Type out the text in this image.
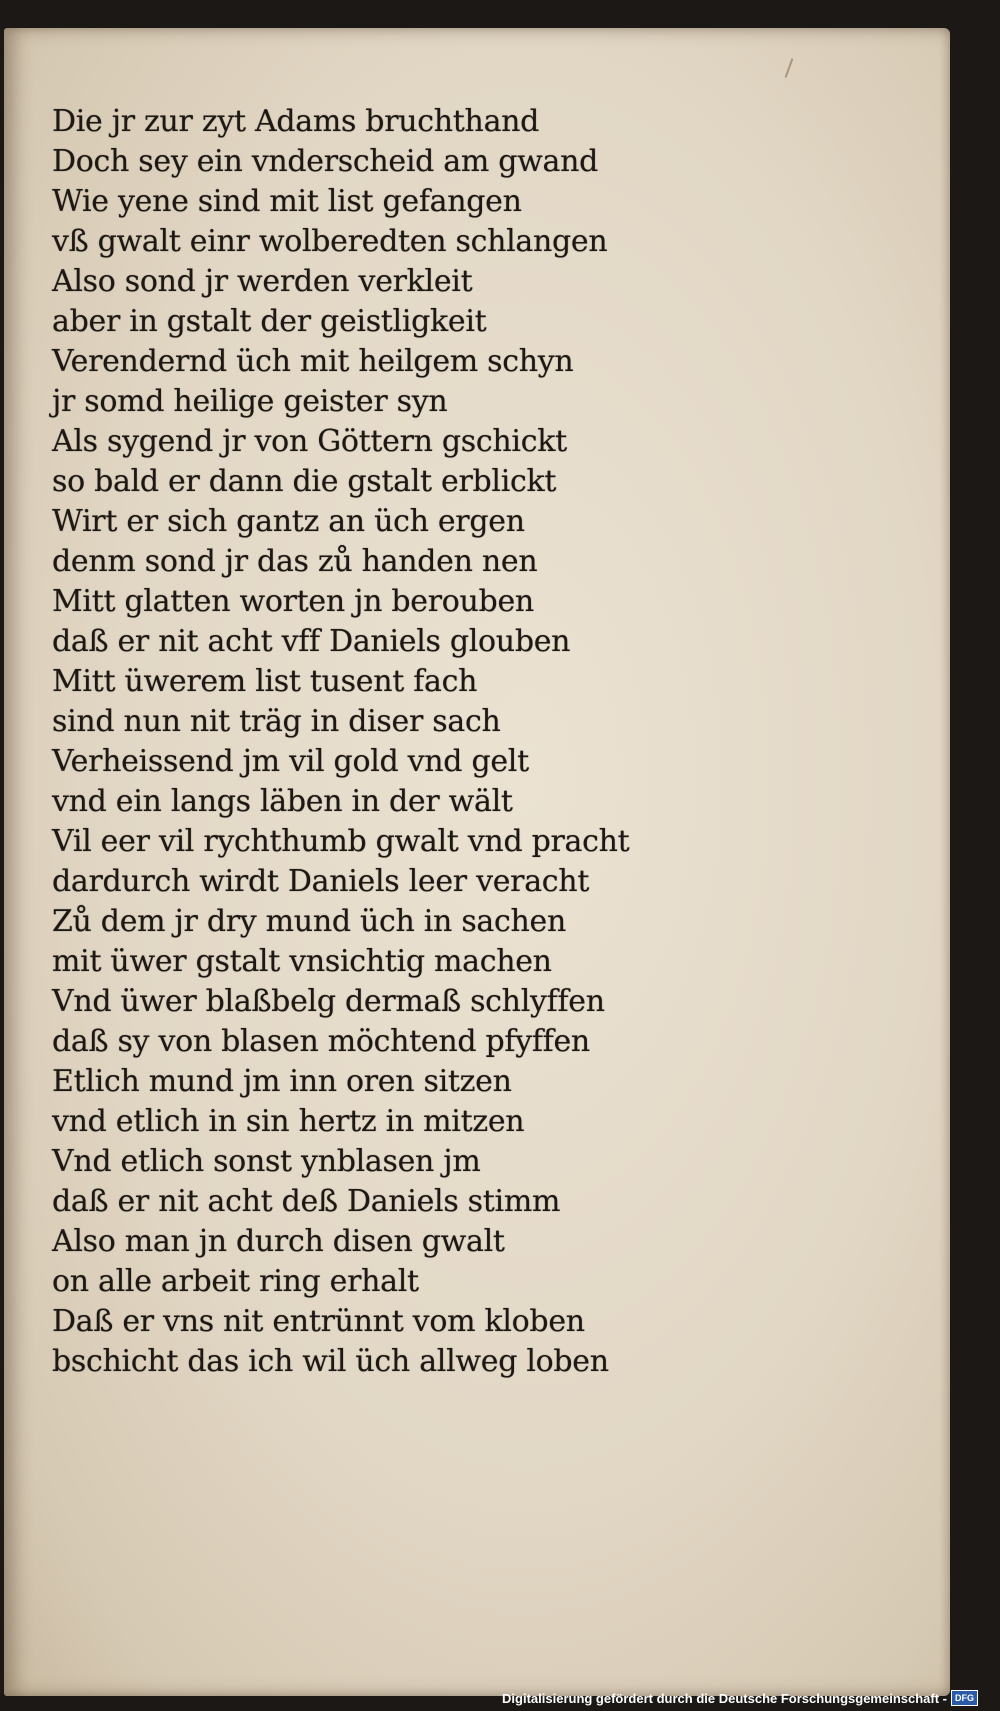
Die jr zur zyt Adams bruchthand
Doch sey ein vnderscheid am gwand
Wie yene sind mit list gefangen
vß gwalt einr wolberedten schlangen
Also sond jr werden verkleit
aber in gstalt der geistligkeit
Verendernd üch mit heilgem schyn
jr somd heilige geister syn
Als sygend jr von Göttern gschickt
so bald er dann die gstalt erblickt
Wirt er sich gantz an üch ergen
denm sond jr das zů handen nen
Mitt glatten worten jn berouben
daß er nit acht vff Daniels glouben
Mitt üwerem list tusent fach
sind nun nit träg in diser sach
Verheissend jm vil gold vnd gelt
vnd ein langs läben in der wält
Vil eer vil rychthumb gwalt vnd pracht
dardurch wirdt Daniels leer veracht
Zů dem jr dry mund üch in sachen
mit üwer gstalt vnsichtig machen
Vnd üwer blaßbelg dermaß schlyffen
daß sy von blasen möchtend pfyffen
Etlich mund jm inn oren sitzen
vnd etlich in sin hertz in mitzen
Vnd etlich sonst ynblasen jm
daß er nit acht deß Daniels stimm
Also man jn durch disen gwalt
on alle arbeit ring erhalt
Daß er vns nit entrünnt vom kloben
bschicht das ich wil üch allweg loben
Digitalisierung gefördert durch die Deutsche Forschungsgemeinschaft - DFG
